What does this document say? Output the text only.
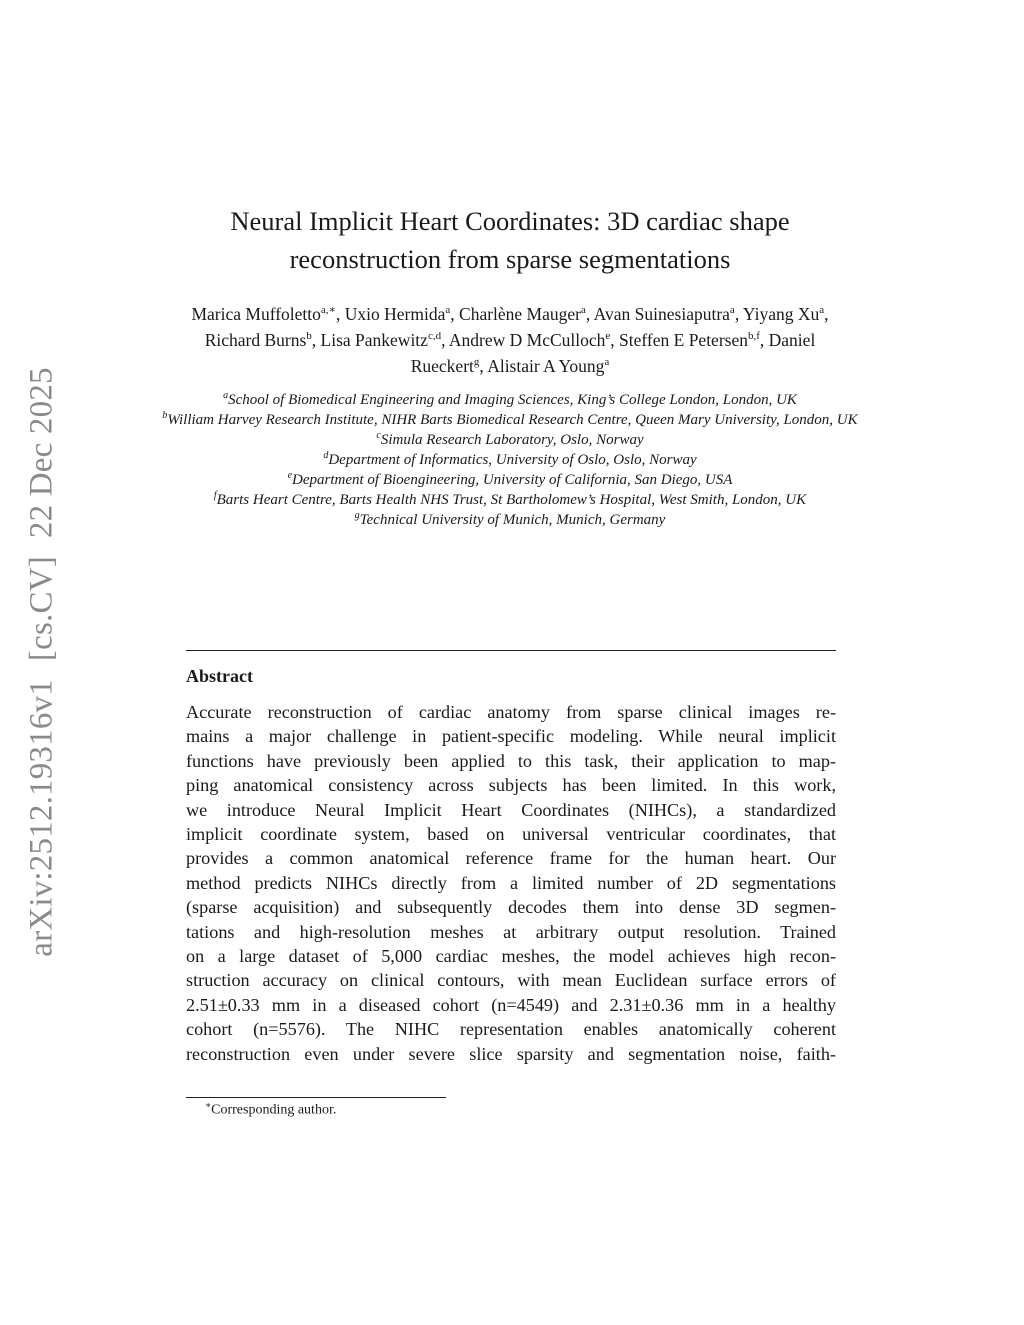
arXiv:2512.19316v1[cs.CV]22 Dec 2025
Neural Implicit Heart Coordinates: 3D cardiac shape
reconstruction from sparse segmentations
Marica Muffoletto$^{a,∗}$, Uxio Hermida$^a$, Charlène Mauger$^a$, Avan Suinesiaputra$^a$, Yiyang Xu$^a$, Richard Burns$^b$, Lisa Pankewitz$^{c,d}$, Andrew D McCulloch$^e$, Steffen E Petersen$^{b,f}$, Daniel Rueckert$^g$, Alistair A Young$^a$
$^a$School of Biomedical Engineering and Imaging Sciences, King’s College London, London, UK
$^b$William Harvey Research Institute, NIHR Barts Biomedical Research Centre, Queen Mary University, London, UK
$^c$Simula Research Laboratory, Oslo, Norway
$^d$Department of Informatics, University of Oslo, Oslo, Norway
$^e$Department of Bioengineering, University of California, San Diego, USA
$^f$Barts Heart Centre, Barts Health NHS Trust, St Bartholomew’s Hospital, West Smith, London, UK
$^g$Technical University of Munich, Munich, Germany
Abstract
Accurate reconstruction of cardiac anatomy from sparse clinical images re-
mains a major challenge in patient-specific modeling. While neural implicit
functions have previously been applied to this task, their application to map-
ping anatomical consistency across subjects has been limited. In this work,
we introduce Neural Implicit Heart Coordinates (NIHCs), a standardized
implicit coordinate system, based on universal ventricular coordinates, that
provides a common anatomical reference frame for the human heart. Our
method predicts NIHCs directly from a limited number of 2D segmentations
(sparse acquisition) and subsequently decodes them into dense 3D segmen-
tations and high-resolution meshes at arbitrary output resolution. Trained
on a large dataset of 5,000 cardiac meshes, the model achieves high recon-
struction accuracy on clinical contours, with mean Euclidean surface errors of
2.51±0.33 mm in a diseased cohort (n=4549) and 2.31±0.36 mm in a healthy
cohort (n=5576). The NIHC representation enables anatomically coherent
reconstruction even under severe slice sparsity and segmentation noise, faith-
∗Corresponding author.
